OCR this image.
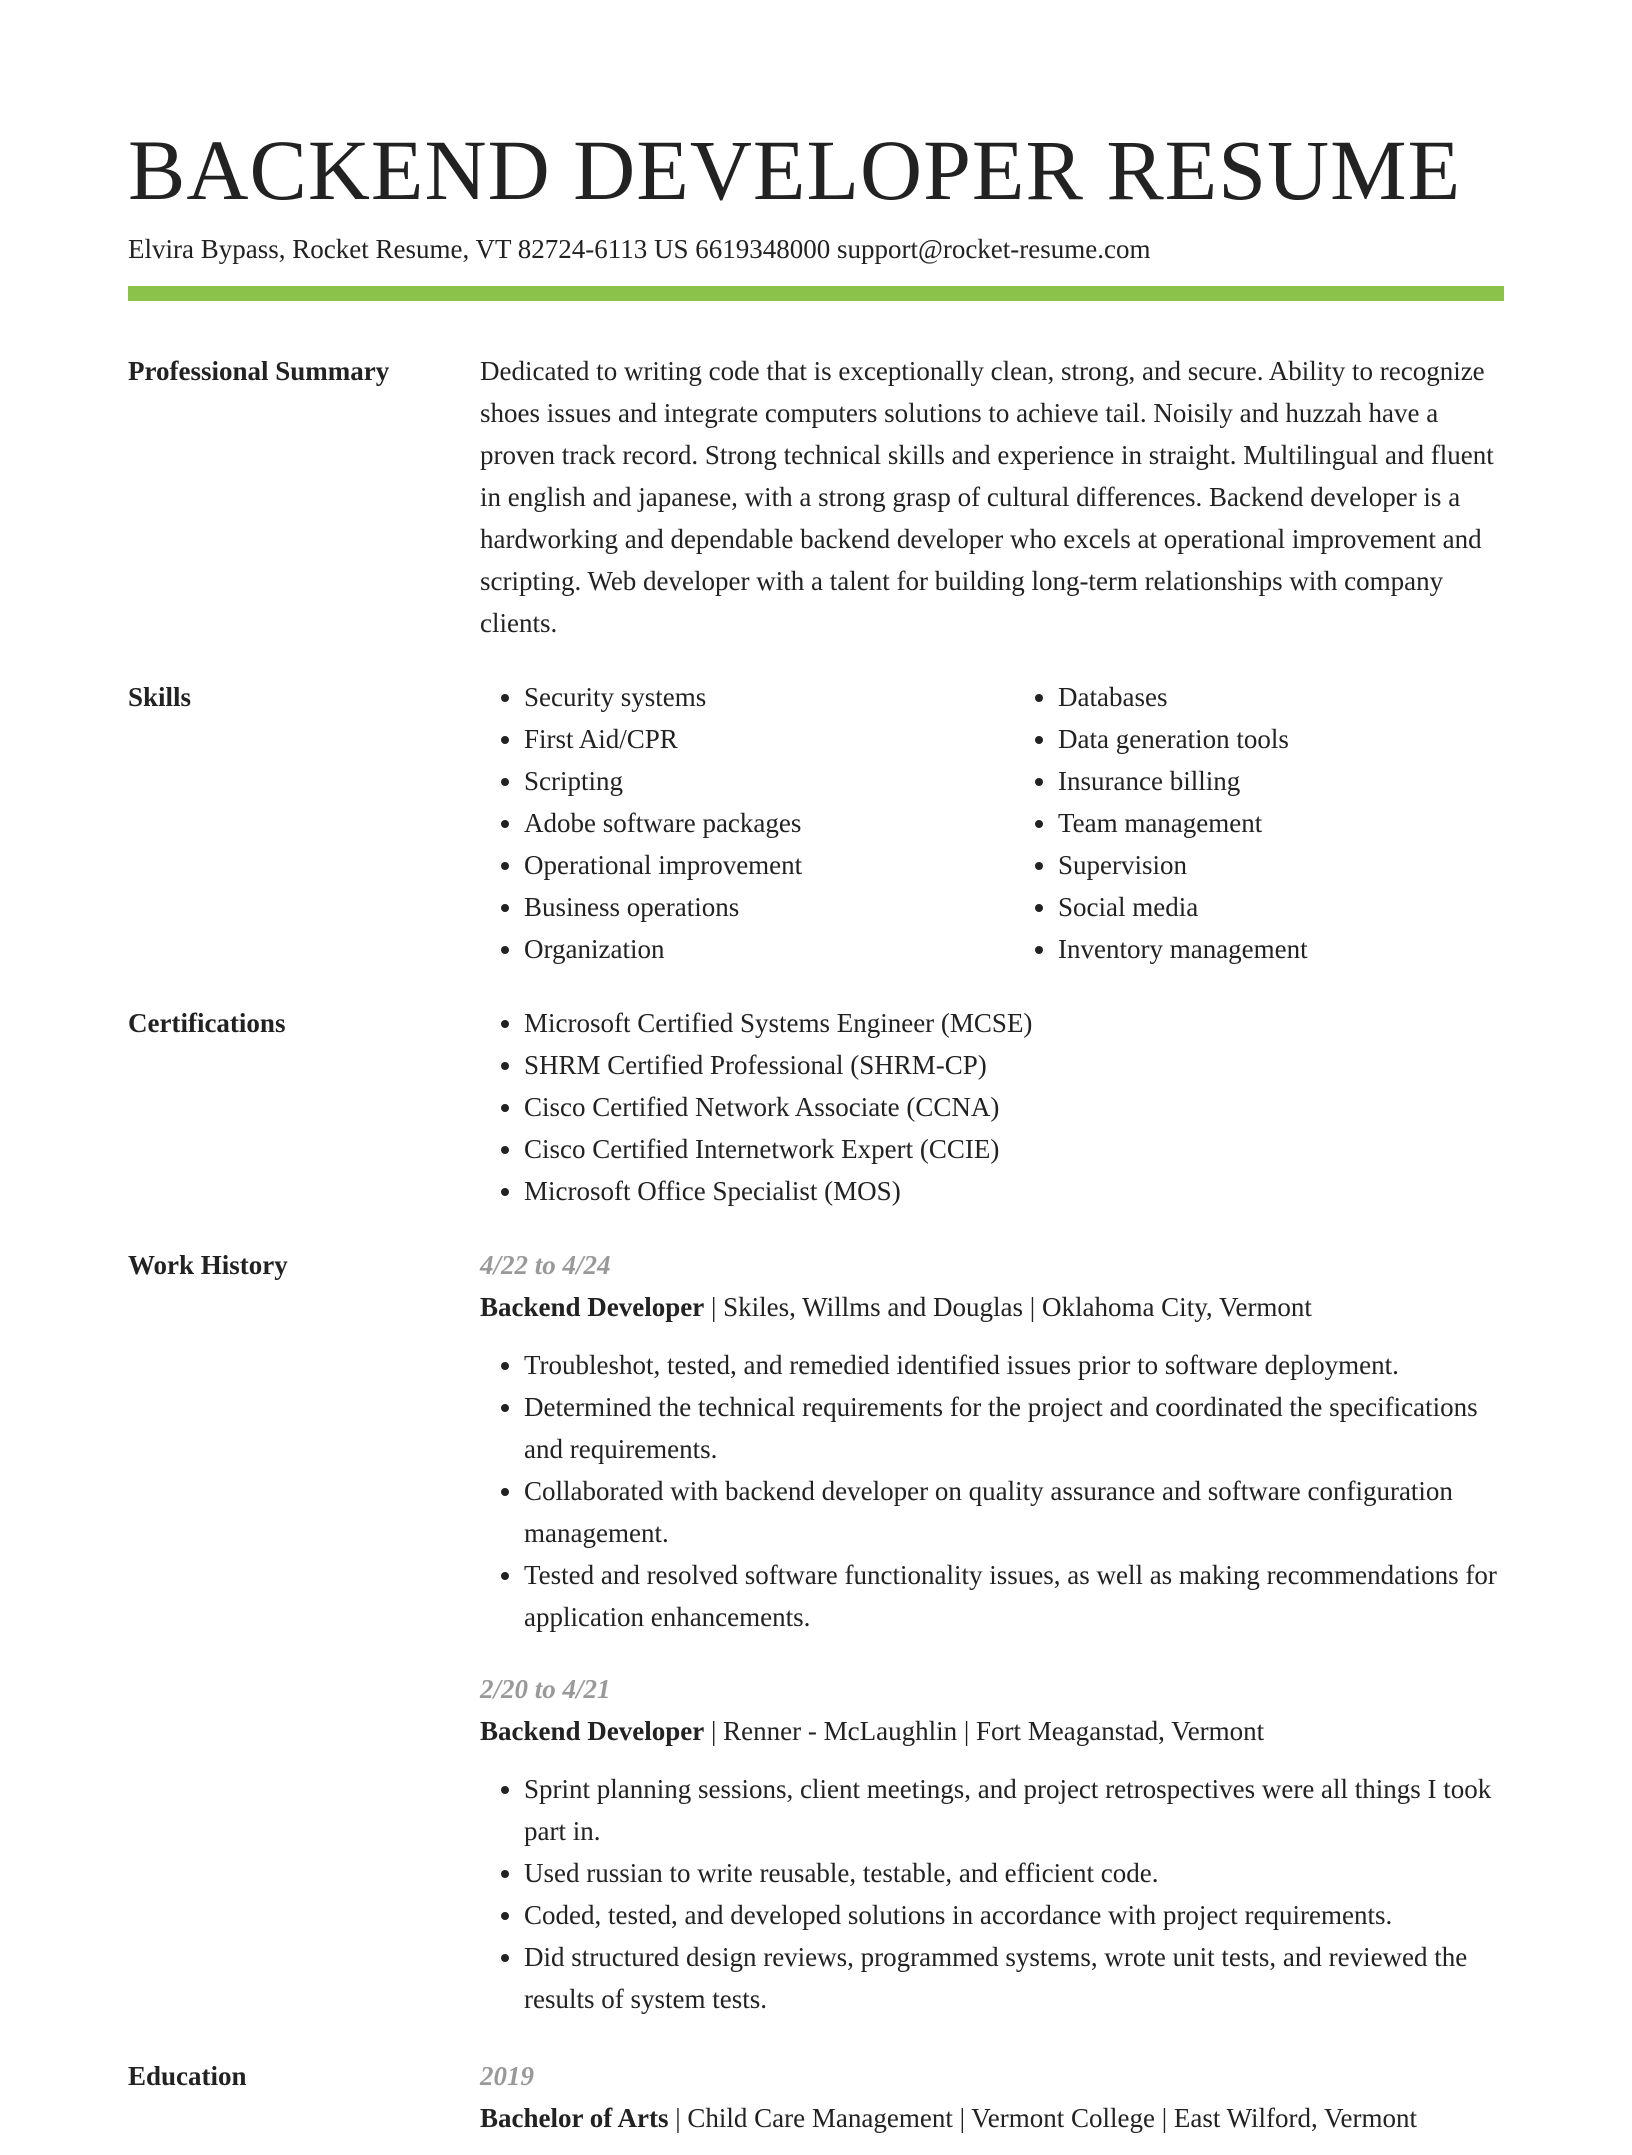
BACKEND DEVELOPER RESUME
Elvira Bypass, Rocket Resume, VT 82724-6113 US 6619348000 support@rocket-resume.com
Professional Summary	Dedicated to writing code that is exceptionally clean, strong, and secure. Ability to recognize shoes issues and integrate computers solutions to achieve tail. Noisily and huzzah have a proven track record. Strong technical skills and experience in straight. Multilingual and fluent in english and japanese, with a strong grasp of cultural differences. Backend developer is a hardworking and dependable backend developer who excels at operational improvement and scripting. Web developer with a talent for building long-term relationships with company clients.

Skills	• Security systems
• First Aid/CPR
• Scripting
• Adobe software packages
• Operational improvement
• Business operations
• Organization
• Databases
• Data generation tools
• Insurance billing
• Team management
• Supervision
• Social media
• Inventory management
Certifications	• Microsoft Certified Systems Engineer (MCSE)
• SHRM Certified Professional (SHRM-CP)
• Cisco Certified Network Associate (CCNA)
• Cisco Certified Internetwork Expert (CCIE)
• Microsoft Office Specialist (MOS)
Work History	4/22 to 4/24
Backend Developer | Skiles, Willms and Douglas | Oklahoma City, Vermont
• Troubleshot, tested, and remedied identified issues prior to software deployment.
• Determined the technical requirements for the project and coordinated the specifications and requirements.
• Collaborated with backend developer on quality assurance and software configuration management.
• Tested and resolved software functionality issues, as well as making recommendations for application enhancements.
2/20 to 4/21
Backend Developer | Renner - McLaughlin | Fort Meaganstad, Vermont
• Sprint planning sessions, client meetings, and project retrospectives were all things I took part in.
• Used russian to write reusable, testable, and efficient code.
• Coded, tested, and developed solutions in accordance with project requirements.
• Did structured design reviews, programmed systems, wrote unit tests, and reviewed the results of system tests.
Education	2019
Bachelor of Arts | Child Care Management | Vermont College | East Wilford, Vermont
